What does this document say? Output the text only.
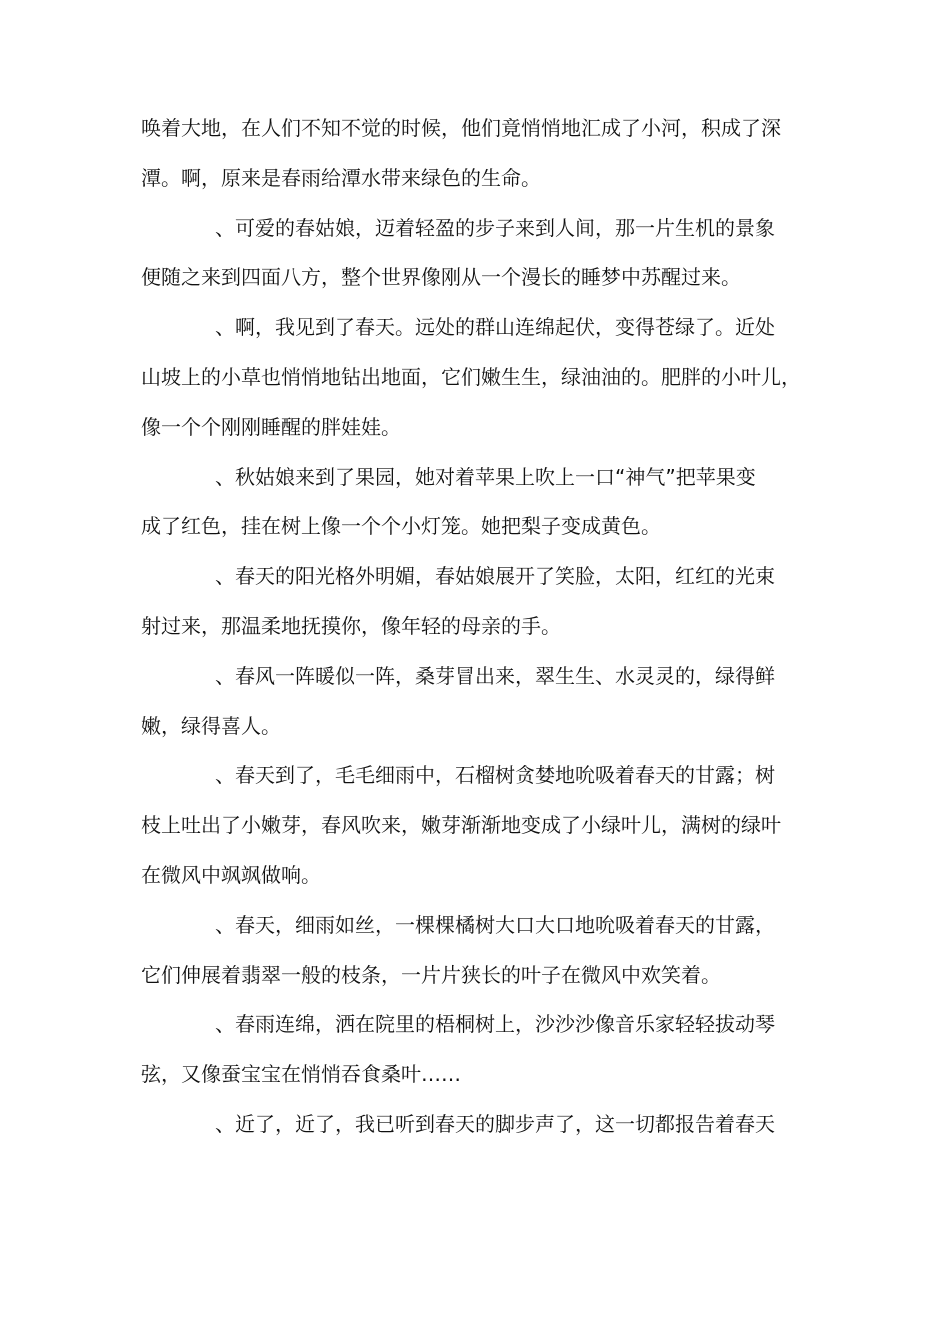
唤着大地，在人们不知不觉的时候，他们竟悄悄地汇成了小河，积成了深
潭。啊，原来是春雨给潭水带来绿色的生命。
、可爱的春姑娘，迈着轻盈的步子来到人间，那一片生机的景象
便随之来到四面八方，整个世界像刚从一个漫长的睡梦中苏醒过来。
、啊，我见到了春天。远处的群山连绵起伏，变得苍绿了。近处
山坡上的小草也悄悄地钻出地面，它们嫩生生，绿油油的。肥胖的小叶儿，
像一个个刚刚睡醒的胖娃娃。
、秋姑娘来到了果园，她对着苹果上吹上一口“神气”把苹果变
成了红色，挂在树上像一个个小灯笼。她把梨子变成黄色。
、春天的阳光格外明媚，春姑娘展开了笑脸，太阳，红红的光束
射过来，那温柔地抚摸你，像年轻的母亲的手。
、春风一阵暖似一阵，桑芽冒出来，翠生生、水灵灵的，绿得鲜
嫩，绿得喜人。
、春天到了，毛毛细雨中，石榴树贪婪地吮吸着春天的甘露；树
枝上吐出了小嫩芽，春风吹来，嫩芽渐渐地变成了小绿叶儿，满树的绿叶
在微风中飒飒做响。
、春天，细雨如丝，一棵棵橘树大口大口地吮吸着春天的甘露，
它们伸展着翡翠一般的枝条，一片片狭长的叶子在微风中欢笑着。
、春雨连绵，洒在院里的梧桐树上，沙沙沙像音乐家轻轻拔动琴
弦，又像蚕宝宝在悄悄吞食桑叶……
、近了，近了，我已听到春天的脚步声了，这一切都报告着春天
